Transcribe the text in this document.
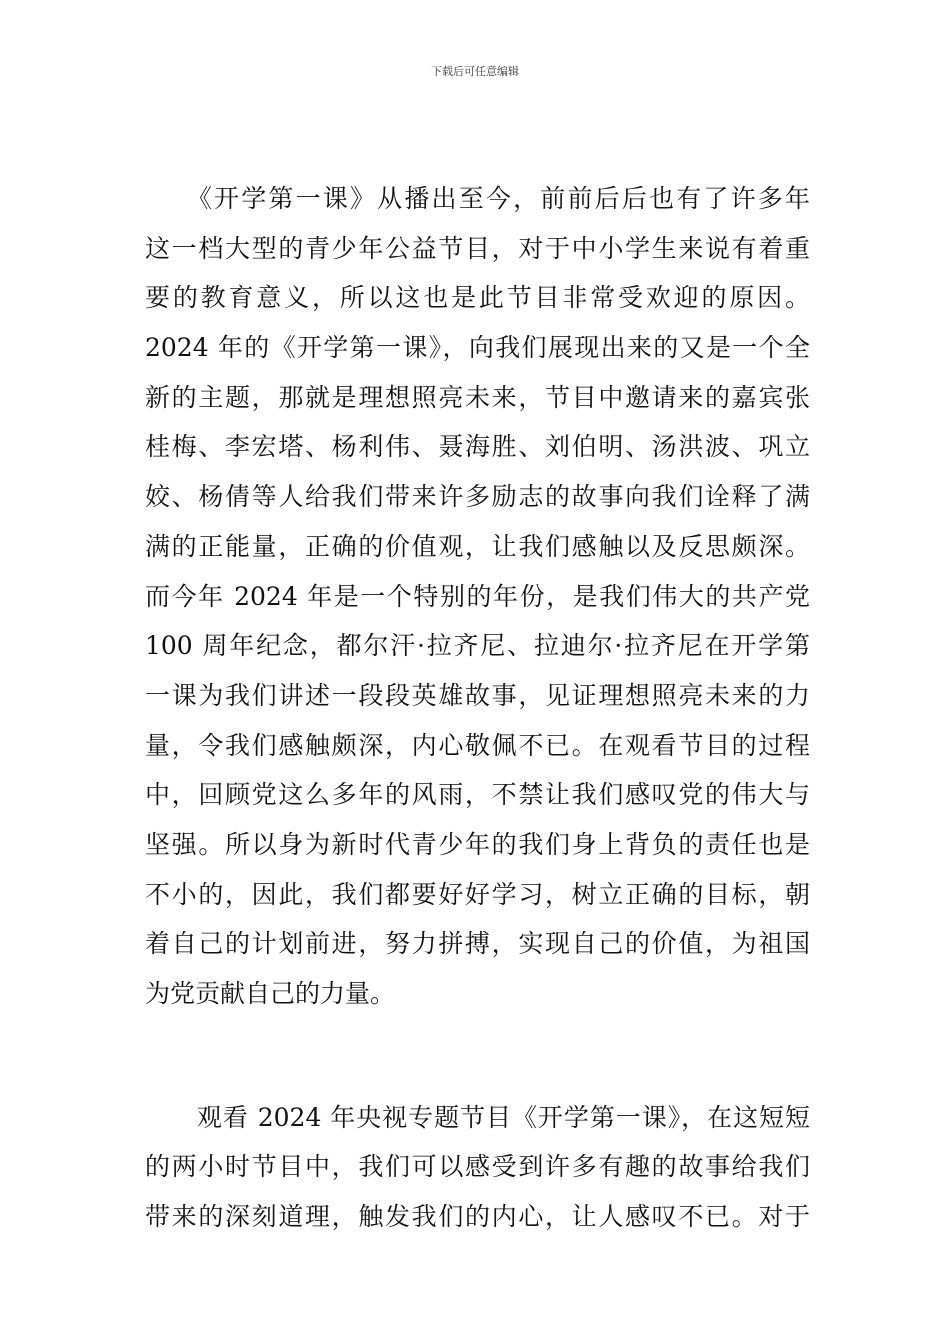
下载后可任意编辑
　　《开学第一课》从播出至今，前前后后也有了许多年
这一档大型的青少年公益节目，对于中小学生来说有着重
要的教育意义，所以这也是此节目非常受欢迎的原因。
2024 年的《开学第一课》，向我们展现出来的又是一个全
新的主题，那就是理想照亮未来，节目中邀请来的嘉宾张
桂梅、李宏塔、杨利伟、聂海胜、刘伯明、汤洪波、巩立
姣、杨倩等人给我们带来许多励志的故事向我们诠释了满
满的正能量，正确的价值观，让我们感触以及反思颇深。
而今年 2024 年是一个特别的年份，是我们伟大的共产党
100 周年纪念，都尔汗·拉齐尼、拉迪尔·拉齐尼在开学第
一课为我们讲述一段段英雄故事，见证理想照亮未来的力
量，令我们感触颇深，内心敬佩不已。在观看节目的过程
中，回顾党这么多年的风雨，不禁让我们感叹党的伟大与
坚强。所以身为新时代青少年的我们身上背负的责任也是
不小的，因此，我们都要好好学习，树立正确的目标，朝
着自己的计划前进，努力拼搏，实现自己的价值，为祖国
为党贡献自己的力量。
　　观看 2024 年央视专题节目《开学第一课》，在这短短
的两小时节目中，我们可以感受到许多有趣的故事给我们
带来的深刻道理，触发我们的内心，让人感叹不已。对于
